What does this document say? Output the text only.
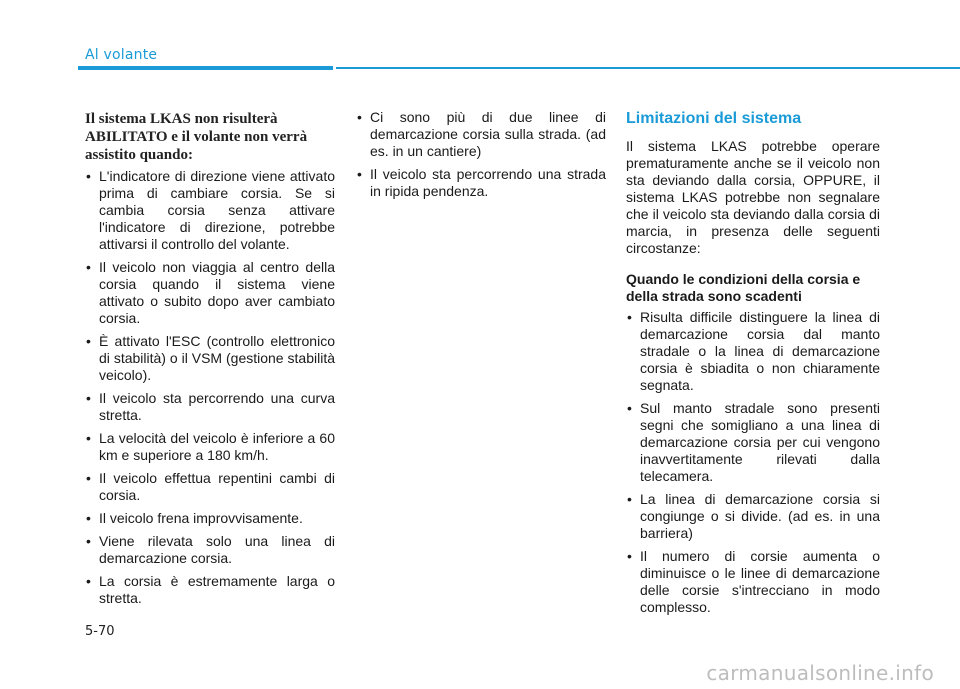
Al volante

Il sistema LKAS non risulterà ABILITATO e il volante non verrà assistito quando:

• L'indicatore di direzione viene attivato prima di cambiare corsia. Se si cambia corsia senza attivare l'indicatore di direzione, potrebbe attivarsi il controllo del volante.
• Il veicolo non viaggia al centro della corsia quando il sistema viene attivato o subito dopo aver cambiato corsia.
• È attivato l'ESC (controllo elettronico di stabilità) o il VSM (gestione stabilità veicolo).
• Il veicolo sta percorrendo una curva stretta.
• La velocità del veicolo è inferiore a 60 km e superiore a 180 km/h.
• Il veicolo effettua repentini cambi di corsia.
• Il veicolo frena improvvisamente.
• Viene rilevata solo una linea di demarcazione corsia.
• La corsia è estremamente larga o stretta.
• Ci sono più di due linee di demarcazione corsia sulla strada. (ad es. in un cantiere)
• Il veicolo sta percorrendo una strada in ripida pendenza.
Limitazioni del sistema

Il sistema LKAS potrebbe operare prematuramente anche se il veicolo non sta deviando dalla corsia, OPPURE, il sistema LKAS potrebbe non segnalare che il veicolo sta deviando dalla corsia di marcia, in presenza delle seguenti circostanze:

Quando le condizioni della corsia e della strada sono scadenti

• Risulta difficile distinguere la linea di demarcazione corsia dal manto stradale o la linea di demarcazione corsia è sbiadita o non chiaramente segnata.
• Sul manto stradale sono presenti segni che somigliano a una linea di demarcazione corsia per cui vengono inavvertitamente rilevati dalla telecamera.
• La linea di demarcazione corsia si congiunge o si divide. (ad es. in una barriera)
• Il numero di corsie aumenta o diminuisce o le linee di demarcazione delle corsie s'intrecciano in modo complesso.
5-70
carmanualsonline.info
